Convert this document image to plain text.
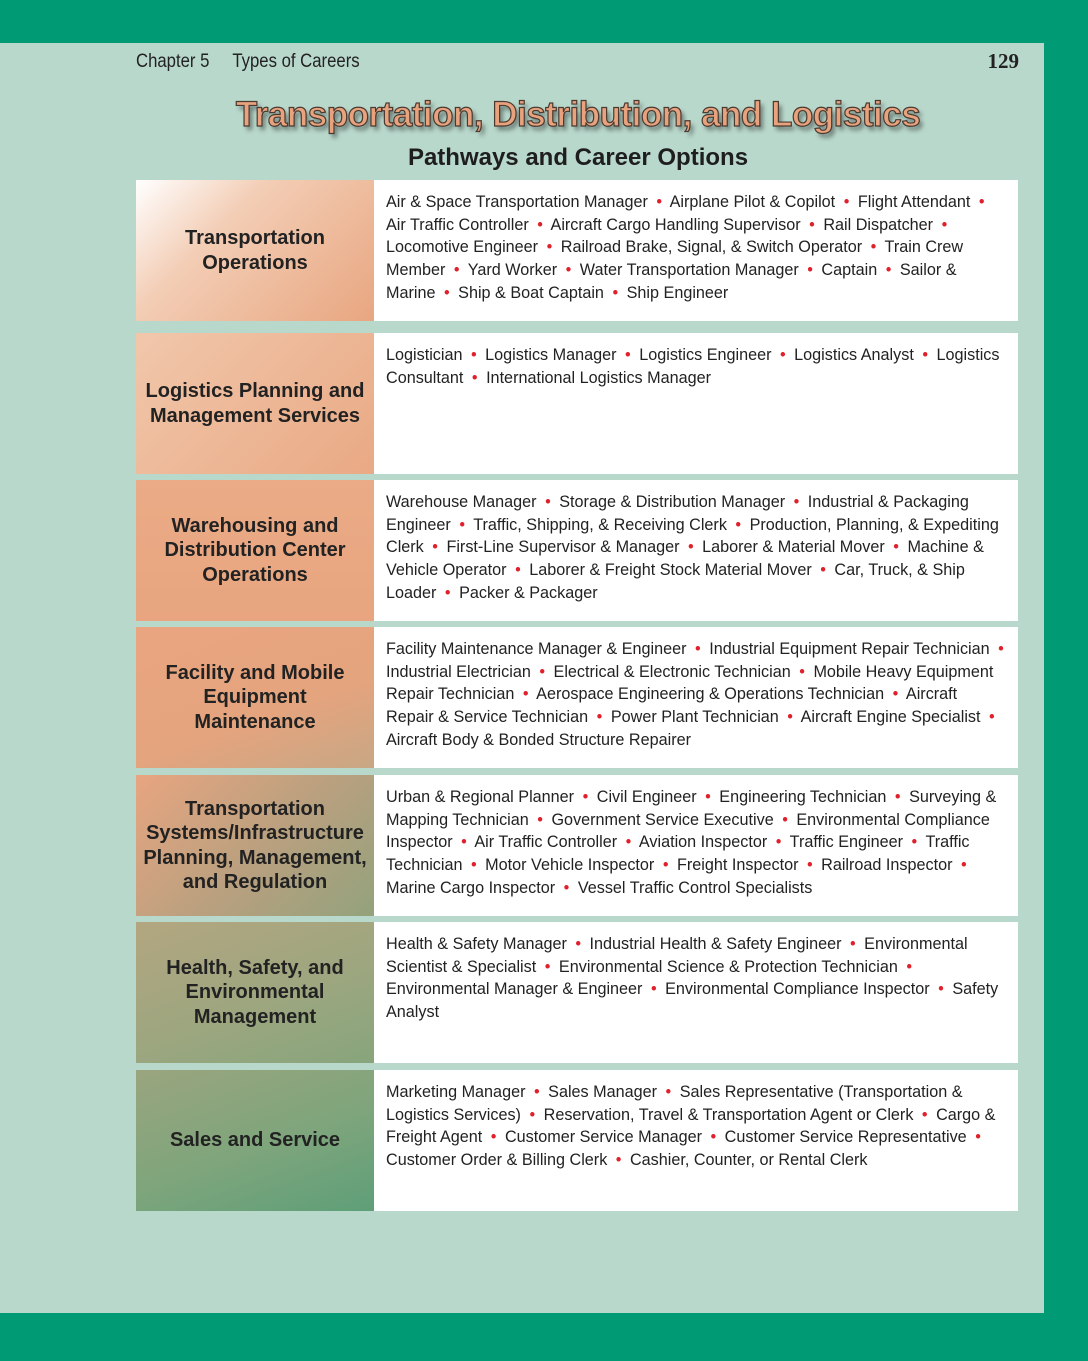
Chapter 5 Types of Careers	129
Transportation, Distribution, and Logistics
Pathways and Career Options
Transportation Operations
Air & Space Transportation Manager • Airplane Pilot & Copilot • Flight Attendant • Air Traffic Controller • Aircraft Cargo Handling Supervisor • Rail Dispatcher • Locomotive Engineer • Railroad Brake, Signal, & Switch Operator • Train Crew Member • Yard Worker • Water Transportation Manager • Captain • Sailor & Marine • Ship & Boat Captain • Ship Engineer
Logistics Planning and Management Services
Logistician • Logistics Manager • Logistics Engineer • Logistics Analyst • Logistics Consultant • International Logistics Manager
Warehousing and Distribution Center Operations
Warehouse Manager • Storage & Distribution Manager • Industrial & Packaging Engineer • Traffic, Shipping, & Receiving Clerk • Production, Planning, & Expediting Clerk • First-Line Supervisor & Manager • Laborer & Material Mover • Machine & Vehicle Operator • Laborer & Freight Stock Material Mover • Car, Truck, & Ship Loader • Packer & Packager
Facility and Mobile Equipment Maintenance
Facility Maintenance Manager & Engineer • Industrial Equipment Repair Technician • Industrial Electrician • Electrical & Electronic Technician • Mobile Heavy Equipment Repair Technician • Aerospace Engineering & Operations Technician • Aircraft Repair & Service Technician • Power Plant Technician • Aircraft Engine Specialist • Aircraft Body & Bonded Structure Repairer
Transportation Systems/Infrastructure Planning, Management, and Regulation
Urban & Regional Planner • Civil Engineer • Engineering Technician • Surveying & Mapping Technician • Government Service Executive • Environmental Compliance Inspector • Air Traffic Controller • Aviation Inspector • Traffic Engineer • Traffic Technician • Motor Vehicle Inspector • Freight Inspector • Railroad Inspector • Marine Cargo Inspector • Vessel Traffic Control Specialists
Health, Safety, and Environmental Management
Health & Safety Manager • Industrial Health & Safety Engineer • Environmental Scientist & Specialist • Environmental Science & Protection Technician • Environmental Manager & Engineer • Environmental Compliance Inspector • Safety Analyst
Sales and Service
Marketing Manager • Sales Manager • Sales Representative (Transportation & Logistics Services) • Reservation, Travel & Transportation Agent or Clerk • Cargo & Freight Agent • Customer Service Manager • Customer Service Representative • Customer Order & Billing Clerk • Cashier, Counter, or Rental Clerk
